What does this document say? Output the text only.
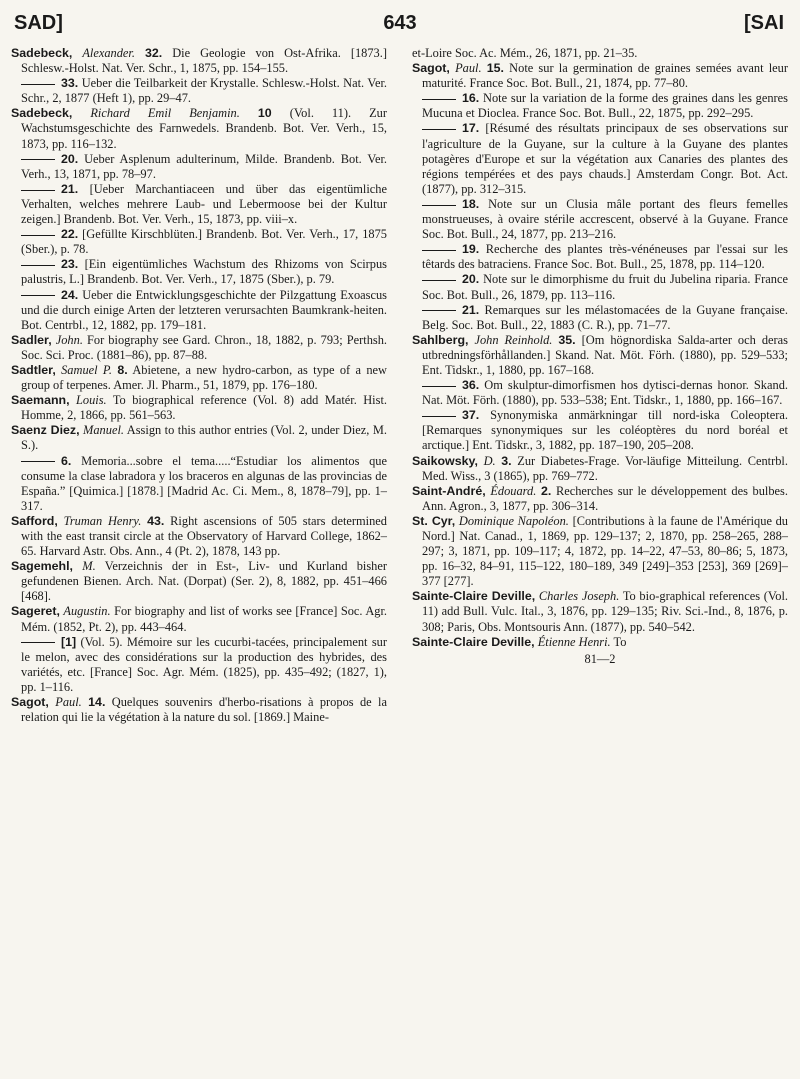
SAD]	643	[SAI

Sadebeck, Alexander. 32. Die Geologie von Ost-Afrika. [1873.] Schlesw.-Holst. Nat. Ver. Schr., 1, 1875, pp. 154–155.

33. Ueber die Teilbarkeit der Krystalle. Schlesw.-Holst. Nat. Ver. Schr., 2, 1877 (Heft 1), pp. 29–47.

Sadebeck, Richard Emil Benjamin. 10 (Vol. 11). Zur Wachstumsgeschichte des Farnwedels. Brandenb. Bot. Ver. Verh., 15, 1873, pp. 116–132.

20. Ueber Asplenum adulterinum, Milde. Brandenb. Bot. Ver. Verh., 13, 1871, pp. 78–97.

21. [Ueber Marchantiaceen und über das eigentümliche Verhalten, welches mehrere Laub- und Lebermoose bei der Kultur zeigen.] Brandenb. Bot. Ver. Verh., 15, 1873, pp. viii–x.

22. [Gefüllte Kirschblüten.] Brandenb. Bot. Ver. Verh., 17, 1875 (Sber.), p. 78.

23. [Ein eigentümliches Wachstum des Rhizoms von Scirpus palustris, L.] Brandenb. Bot. Ver. Verh., 17, 1875 (Sber.), p. 79.

24. Ueber die Entwicklungsgeschichte der Pilzgattung Exoascus und die durch einige Arten der letzteren verursachten Baumkrank-heiten. Bot. Centrbl., 12, 1882, pp. 179–181.

Sadler, John. For biography see Gard. Chron., 18, 1882, p. 793; Perthsh. Soc. Sci. Proc. (1881–86), pp. 87–88.

Sadtler, Samuel P. 8. Abietene, a new hydro-carbon, as type of a new group of terpenes. Amer. Jl. Pharm., 51, 1879, pp. 176–180.

Saemann, Louis. To biographical reference (Vol. 8) add Matér. Hist. Homme, 2, 1866, pp. 561–563.

Saenz Diez, Manuel. Assign to this author entries (Vol. 2, under Diez, M. S.).

6. Memoria...sobre el tema.....“Estudiar los alimentos que consume la clase labradora y los braceros en algunas de las provincias de España.” [Quimica.] [1878.] [Madrid Ac. Ci. Mem., 8, 1878–79], pp. 1–317.

Safford, Truman Henry. 43. Right ascensions of 505 stars determined with the east transit circle at the Observatory of Harvard College, 1862–65. Harvard Astr. Obs. Ann., 4 (Pt. 2), 1878, 143 pp.

Sagemehl, M. Verzeichnis der in Est-, Liv- und Kurland bisher gefundenen Bienen. Arch. Nat. (Dorpat) (Ser. 2), 8, 1882, pp. 451–466 [468].

Sageret, Augustin. For biography and list of works see [France] Soc. Agr. Mém. (1852, Pt. 2), pp. 443–464.

[1] (Vol. 5). Mémoire sur les cucurbi-tacées, principalement sur le melon, avec des considérations sur la production des hybrides, des variétés, etc. [France] Soc. Agr. Mém. (1825), pp. 435–492; (1827, 1), pp. 1–116.

Sagot, Paul. 14. Quelques souvenirs d'herbo-risations à propos de la relation qui lie la végétation à la nature du sol. [1869.] Maine-

et-Loire Soc. Ac. Mém., 26, 1871, pp. 21–35.

Sagot, Paul. 15. Note sur la germination de graines semées avant leur maturité. France Soc. Bot. Bull., 21, 1874, pp. 77–80.

16. Note sur la variation de la forme des graines dans les genres Mucuna et Dioclea. France Soc. Bot. Bull., 22, 1875, pp. 292–295.

17. [Résumé des résultats principaux de ses observations sur l'agriculture de la Guyane, sur la culture à la Guyane des plantes potagères d'Europe et sur la végétation aux Canaries des plantes des régions tempérées et des pays chauds.] Amsterdam Congr. Bot. Act. (1877), pp. 312–315.

18. Note sur un Clusia mâle portant des fleurs femelles monstrueuses, à ovaire stérile accrescent, observé à la Guyane. France Soc. Bot. Bull., 24, 1877, pp. 213–216.

19. Recherche des plantes très-vénéneuses par l'essai sur les têtards des batraciens. France Soc. Bot. Bull., 25, 1878, pp. 114–120.

20. Note sur le dimorphisme du fruit du Jubelina riparia. France Soc. Bot. Bull., 26, 1879, pp. 113–116.

21. Remarques sur les mélastomacées de la Guyane française. Belg. Soc. Bot. Bull., 22, 1883 (C. R.), pp. 71–77.

Sahlberg, John Reinhold. 35. [Om högnordiska Salda-arter och deras utbredningsförhållanden.] Skand. Nat. Möt. Förh. (1880), pp. 529–533; Ent. Tidskr., 1, 1880, pp. 167–168.

36. Om skulptur-dimorfismen hos dytisci-dernas honor. Skand. Nat. Möt. Förh. (1880), pp. 533–538; Ent. Tidskr., 1, 1880, pp. 166–167.

37. Synonymiska anmärkningar till nord-iska Coleoptera. [Remarques synonymiques sur les coléoptères du nord boréal et arctique.] Ent. Tidskr., 3, 1882, pp. 187–190, 205–208.

Saikowsky, D. 3. Zur Diabetes-Frage. Vor-läufige Mitteilung. Centrbl. Med. Wiss., 3 (1865), pp. 769–772.

Saint-André, Édouard. 2. Recherches sur le développement des bulbes. Ann. Agron., 3, 1877, pp. 306–314.

St. Cyr, Dominique Napoléon. [Contributions à la faune de l'Amérique du Nord.] Nat. Canad., 1, 1869, pp. 129–137; 2, 1870, pp. 258–265, 288–297; 3, 1871, pp. 109–117; 4, 1872, pp. 14–22, 47–53, 80–86; 5, 1873, pp. 16–32, 84–91, 115–122, 180–189, 349 [249]–353 [253], 369 [269]–377 [277].

Sainte-Claire Deville, Charles Joseph. To bio-graphical references (Vol. 11) add Bull. Vulc. Ital., 3, 1876, pp. 129–135; Riv. Sci.-Ind., 8, 1876, p. 308; Paris, Obs. Montsouris Ann. (1877), pp. 540–542.

Sainte-Claire Deville, Étienne Henri. To

81—2
